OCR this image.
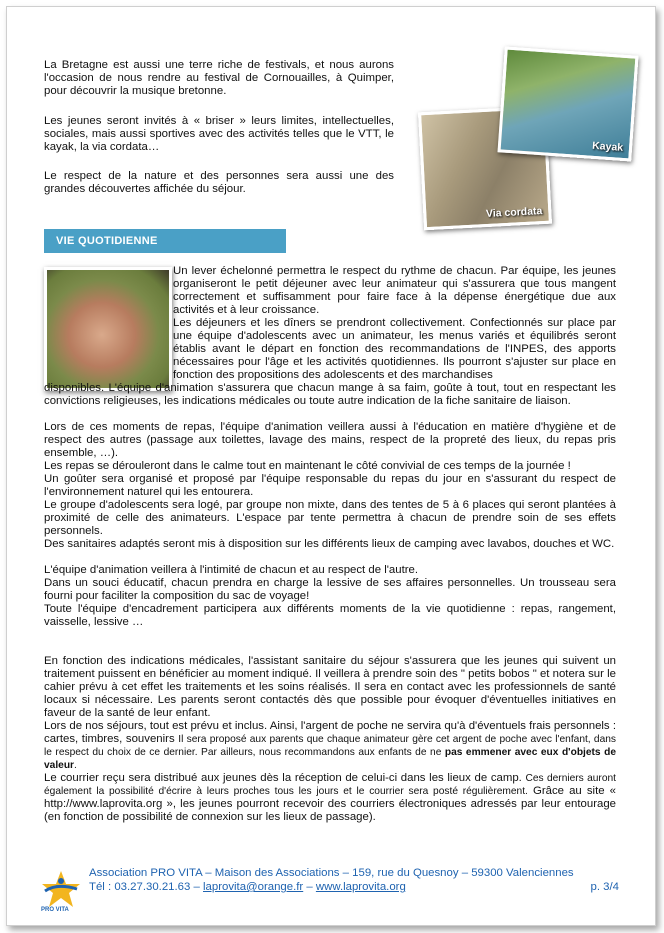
La Bretagne est aussi une terre riche de festivals, et nous aurons l'occasion de nous rendre au festival de Cornouailles, à Quimper, pour découvrir la musique bretonne.

Les jeunes seront invités à « briser » leurs limites, intellectuelles, sociales, mais aussi sportives avec des activités telles que le VTT, le kayak, la via cordata…

Le respect de la nature et des personnes sera aussi une des grandes découvertes affichée du séjour.

Via cordata
Kayak
VIE QUOTIDIENNE

Un lever échelonné permettra le respect du rythme de chacun. Par équipe, les jeunes organiseront le petit déjeuner avec leur animateur qui s'assurera que tous mangent correctement et suffisamment pour faire face à la dépense énergétique due aux activités et à leur croissance.

Les déjeuners et les dîners se prendront collectivement. Confectionnés sur place par une équipe d'adolescents avec un animateur, les menus variés et équilibrés seront établis avant le départ en fonction des recommandations de l'INPES, des apports nécessaires pour l'âge et les activités quotidiennes. Ils pourront s'ajuster sur place en fonction des propositions des adolescents et des marchandises

disponibles. L'équipe d'animation s'assurera que chacun mange à sa faim, goûte à tout, tout en respectant les convictions religieuses, les indications médicales ou toute autre indication de la fiche sanitaire de liaison.

Lors de ces moments de repas, l'équipe d'animation veillera aussi à l'éducation en matière d'hygiène et de respect des autres (passage aux toilettes, lavage des mains, respect de la propreté des lieux, du repas pris ensemble, …).

Les repas se dérouleront dans le calme tout en maintenant le côté convivial de ces temps de la journée !

Un goûter sera organisé et proposé par l'équipe responsable du repas du jour en s'assurant du respect de l'environnement naturel qui les entourera.

Le groupe d'adolescents sera logé, par groupe non mixte, dans des tentes de 5 à 6 places qui seront plantées à proximité de celle des animateurs. L'espace par tente permettra à chacun de prendre soin de ses effets personnels.

Des sanitaires adaptés seront mis à disposition sur les différents lieux de camping avec lavabos, douches et WC.

L'équipe d'animation veillera à l'intimité de chacun et au respect de l'autre.

Dans un souci éducatif, chacun prendra en charge la lessive de ses affaires personnelles. Un trousseau sera fourni pour faciliter la composition du sac de voyage!

Toute l'équipe d'encadrement participera aux différents moments de la vie quotidienne : repas, rangement, vaisselle, lessive …

En fonction des indications médicales, l'assistant sanitaire du séjour s'assurera que les jeunes qui suivent un traitement puissent en bénéficier au moment indiqué. Il veillera à prendre soin des " petits bobos " et notera sur le cahier prévu à cet effet les traitements et les soins réalisés. Il sera en contact avec les professionnels de santé locaux si nécessaire. Les parents seront contactés dès que possible pour évoquer d'éventuelles initiatives en faveur de la santé de leur enfant.

Lors de nos séjours, tout est prévu et inclus. Ainsi, l'argent de poche ne servira qu'à d'éventuels frais personnels : cartes, timbres, souvenirs Il sera proposé aux parents que chaque animateur gère cet argent de poche avec l'enfant, dans le respect du choix de ce dernier. Par ailleurs, nous recommandons aux enfants de ne pas emmener avec eux d'objets de valeur.

Le courrier reçu sera distribué aux jeunes dès la réception de celui-ci dans les lieux de camp. Ces derniers auront également la possibilité d'écrire à leurs proches tous les jours et le courrier sera posté régulièrement. Grâce au site « http://www.laprovita.org », les jeunes pourront recevoir des courriers électroniques adressés par leur entourage (en fonction de possibilité de connexion sur les lieux de passage).

PRO VITA
Association PRO VITA – Maison des Associations – 159, rue du Quesnoy – 59300 Valenciennes
Tél : 03.27.30.21.63 – laprovita@orange.fr – www.laprovita.org	p. 3/4
